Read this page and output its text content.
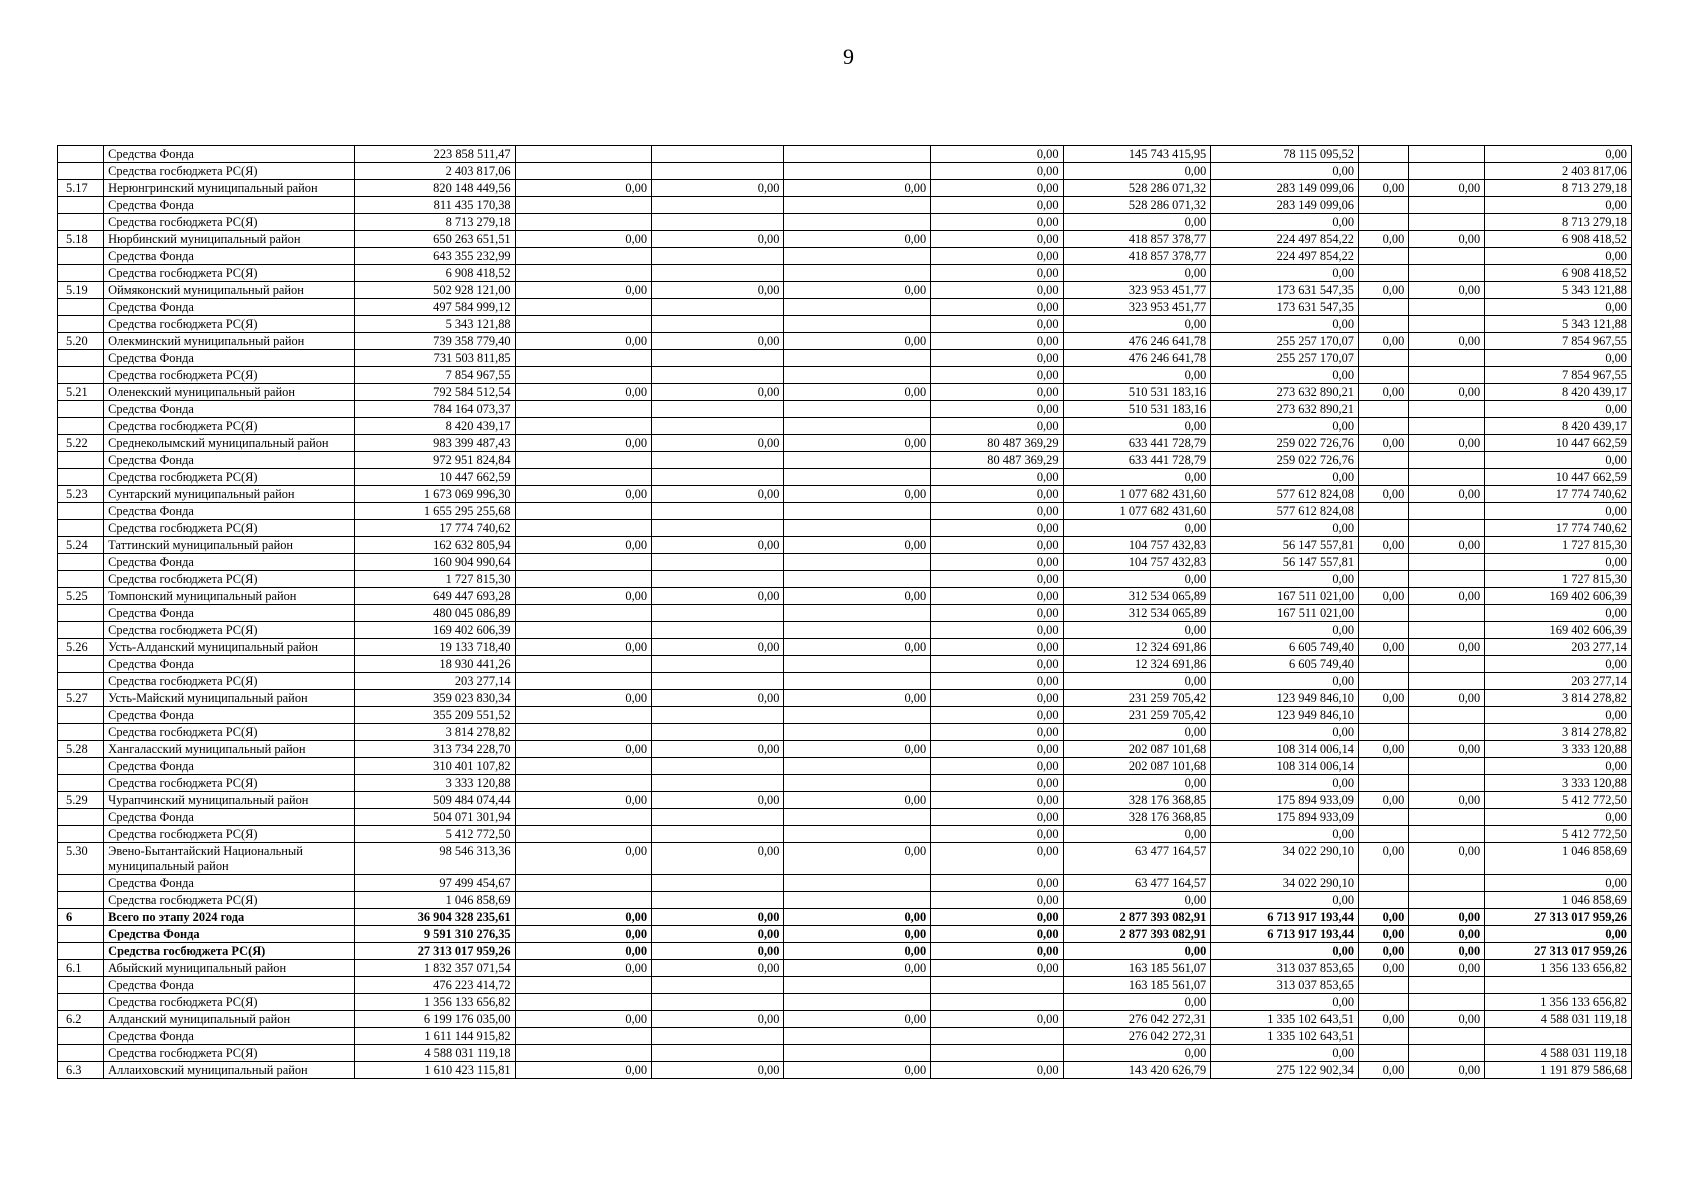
9
	Средства Фонда	223 858 511,47				0,00	145 743 415,95	78 115 095,52			0,00
	Средства госбюджета РС(Я)	2 403 817,06				0,00	0,00	0,00			2 403 817,06
5.17	Нерюнгринский муниципальный район	820 148 449,56	0,00	0,00	0,00	0,00	528 286 071,32	283 149 099,06	0,00	0,00	8 713 279,18
	Средства Фонда	811 435 170,38				0,00	528 286 071,32	283 149 099,06			0,00
	Средства госбюджета РС(Я)	8 713 279,18				0,00	0,00	0,00			8 713 279,18
5.18	Нюрбинский муниципальный район	650 263 651,51	0,00	0,00	0,00	0,00	418 857 378,77	224 497 854,22	0,00	0,00	6 908 418,52
	Средства Фонда	643 355 232,99				0,00	418 857 378,77	224 497 854,22			0,00
	Средства госбюджета РС(Я)	6 908 418,52				0,00	0,00	0,00			6 908 418,52
5.19	Оймяконский муниципальный район	502 928 121,00	0,00	0,00	0,00	0,00	323 953 451,77	173 631 547,35	0,00	0,00	5 343 121,88
	Средства Фонда	497 584 999,12				0,00	323 953 451,77	173 631 547,35			0,00
	Средства госбюджета РС(Я)	5 343 121,88				0,00	0,00	0,00			5 343 121,88
5.20	Олекминский муниципальный район	739 358 779,40	0,00	0,00	0,00	0,00	476 246 641,78	255 257 170,07	0,00	0,00	7 854 967,55
	Средства Фонда	731 503 811,85				0,00	476 246 641,78	255 257 170,07			0,00
	Средства госбюджета РС(Я)	7 854 967,55				0,00	0,00	0,00			7 854 967,55
5.21	Оленекский муниципальный район	792 584 512,54	0,00	0,00	0,00	0,00	510 531 183,16	273 632 890,21	0,00	0,00	8 420 439,17
	Средства Фонда	784 164 073,37				0,00	510 531 183,16	273 632 890,21			0,00
	Средства госбюджета РС(Я)	8 420 439,17				0,00	0,00	0,00			8 420 439,17
5.22	Среднеколымский муниципальный район	983 399 487,43	0,00	0,00	0,00	80 487 369,29	633 441 728,79	259 022 726,76	0,00	0,00	10 447 662,59
	Средства Фонда	972 951 824,84				80 487 369,29	633 441 728,79	259 022 726,76			0,00
	Средства госбюджета РС(Я)	10 447 662,59				0,00	0,00	0,00			10 447 662,59
5.23	Сунтарский муниципальный район	1 673 069 996,30	0,00	0,00	0,00	0,00	1 077 682 431,60	577 612 824,08	0,00	0,00	17 774 740,62
	Средства Фонда	1 655 295 255,68				0,00	1 077 682 431,60	577 612 824,08			0,00
	Средства госбюджета РС(Я)	17 774 740,62				0,00	0,00	0,00			17 774 740,62
5.24	Таттинский муниципальный район	162 632 805,94	0,00	0,00	0,00	0,00	104 757 432,83	56 147 557,81	0,00	0,00	1 727 815,30
	Средства Фонда	160 904 990,64				0,00	104 757 432,83	56 147 557,81			0,00
	Средства госбюджета РС(Я)	1 727 815,30				0,00	0,00	0,00			1 727 815,30
5.25	Томпонский муниципальный район	649 447 693,28	0,00	0,00	0,00	0,00	312 534 065,89	167 511 021,00	0,00	0,00	169 402 606,39
	Средства Фонда	480 045 086,89				0,00	312 534 065,89	167 511 021,00			0,00
	Средства госбюджета РС(Я)	169 402 606,39				0,00	0,00	0,00			169 402 606,39
5.26	Усть-Алданский муниципальный район	19 133 718,40	0,00	0,00	0,00	0,00	12 324 691,86	6 605 749,40	0,00	0,00	203 277,14
	Средства Фонда	18 930 441,26				0,00	12 324 691,86	6 605 749,40			0,00
	Средства госбюджета РС(Я)	203 277,14				0,00	0,00	0,00			203 277,14
5.27	Усть-Майский муниципальный район	359 023 830,34	0,00	0,00	0,00	0,00	231 259 705,42	123 949 846,10	0,00	0,00	3 814 278,82
	Средства Фонда	355 209 551,52				0,00	231 259 705,42	123 949 846,10			0,00
	Средства госбюджета РС(Я)	3 814 278,82				0,00	0,00	0,00			3 814 278,82
5.28	Хангаласский муниципальный район	313 734 228,70	0,00	0,00	0,00	0,00	202 087 101,68	108 314 006,14	0,00	0,00	3 333 120,88
	Средства Фонда	310 401 107,82				0,00	202 087 101,68	108 314 006,14			0,00
	Средства госбюджета РС(Я)	3 333 120,88				0,00	0,00	0,00			3 333 120,88
5.29	Чурапчинский муниципальный район	509 484 074,44	0,00	0,00	0,00	0,00	328 176 368,85	175 894 933,09	0,00	0,00	5 412 772,50
	Средства Фонда	504 071 301,94				0,00	328 176 368,85	175 894 933,09			0,00
	Средства госбюджета РС(Я)	5 412 772,50				0,00	0,00	0,00			5 412 772,50
5.30	Эвено-Бытантайский Национальный муниципальный район	98 546 313,36	0,00	0,00	0,00	0,00	63 477 164,57	34 022 290,10	0,00	0,00	1 046 858,69
	Средства Фонда	97 499 454,67				0,00	63 477 164,57	34 022 290,10			0,00
	Средства госбюджета РС(Я)	1 046 858,69				0,00	0,00	0,00			1 046 858,69
6	Всего по этапу 2024 года	36 904 328 235,61	0,00	0,00	0,00	0,00	2 877 393 082,91	6 713 917 193,44	0,00	0,00	27 313 017 959,26
	Средства Фонда	9 591 310 276,35	0,00	0,00	0,00	0,00	2 877 393 082,91	6 713 917 193,44	0,00	0,00	0,00
	Средства госбюджета РС(Я)	27 313 017 959,26	0,00	0,00	0,00	0,00	0,00	0,00	0,00	0,00	27 313 017 959,26
6.1	Абыйский муниципальный район	1 832 357 071,54	0,00	0,00	0,00	0,00	163 185 561,07	313 037 853,65	0,00	0,00	1 356 133 656,82
	Средства Фонда	476 223 414,72					163 185 561,07	313 037 853,65			
	Средства госбюджета РС(Я)	1 356 133 656,82					0,00	0,00			1 356 133 656,82
6.2	Алданский муниципальный район	6 199 176 035,00	0,00	0,00	0,00	0,00	276 042 272,31	1 335 102 643,51	0,00	0,00	4 588 031 119,18
	Средства Фонда	1 611 144 915,82					276 042 272,31	1 335 102 643,51			
	Средства госбюджета РС(Я)	4 588 031 119,18					0,00	0,00			4 588 031 119,18
6.3	Аллаиховский муниципальный район	1 610 423 115,81	0,00	0,00	0,00	0,00	143 420 626,79	275 122 902,34	0,00	0,00	1 191 879 586,68
